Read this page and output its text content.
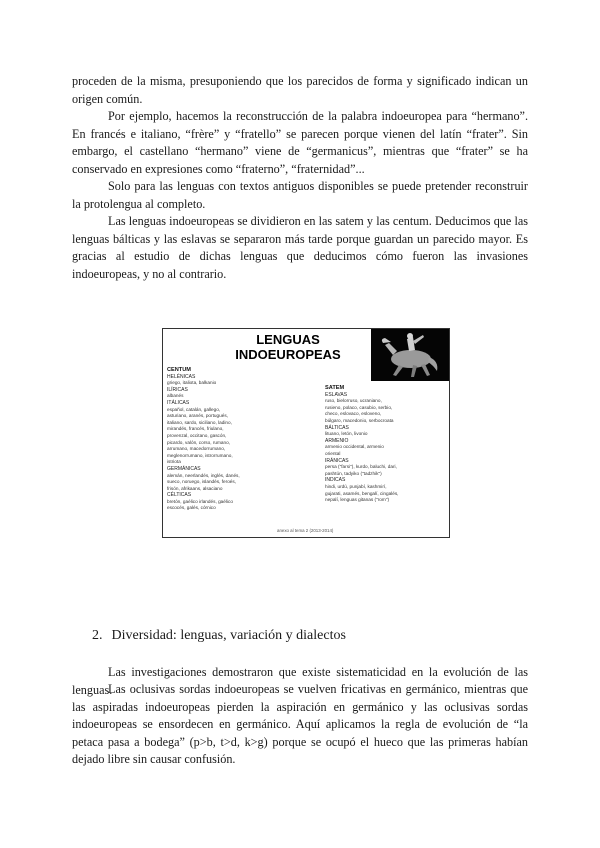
proceden de la misma, presuponiendo que los parecidos de forma y significado indican un origen común.

Por ejemplo, hacemos la reconstrucción de la palabra indoeuropea para “hermano”. En francés e italiano, “frère” y “fratello” se parecen porque vienen del latín “frater”. Sin embargo, el castellano “hermano” viene de “germanicus”, mientras que “frater” se ha conservado en expresiones como “fraterno”, “fraternidad”...

Solo para las lenguas con textos antiguos disponibles se puede pretender reconstruir la protolengua al completo.

Las lenguas indoeuropeas se dividieron en las satem y las centum. Deducimos que las lenguas bálticas y las eslavas se separaron más tarde porque guardan un parecido mayor. Es gracias al estudio de dichas lenguas que deducimos cómo fueron las invasiones indoeuropeas, y no al contrario.

LENGUAS
INDOEUROPEAS
CENTUM
HELÉNICAS
griego, italiota, balkanio
ILÍRICAS
albanés
ITÁLICAS
español, catalán, gallego,
asturiano, aranés, portugués,
italiano, sardo, siciliano, ladino,
mirandés, francés, friulano,
provenzal, occitano, gascón,
picardo, valón, corso, rumano,
arrumano, macedorrumano,
meglenorrumano, istrorrumano,
istriota
GERMÁNICAS
alemán, neerlandés, inglés, danés,
sueco, noruego, islandés, feroés,
frisón, afrikaans, alsaciano
CÉLTICAS
bretón, gaélico irlandés, gaélico
escocés, galés, córnico
SATEM
ESLAVAS
ruso, bielorruso, ucraniano,
rusieno, polaco, casubio, serbio,
checo, eslovaco, esloveno,
búlgaro, macedonio, serbocroata
BÁLTICAS
lituano, letón, livonio
ARMENIO
armenio occidental, armenio
oriental
IRÁNICAS
persa ("farsi"), kurdo, baluchi, dari,
pashtún, tadyiko ("tadzhik")
INDICAS
hindi, urdú, punjabí, kashmirí,
gujarati, asamés, bengalí, cingalés,
nepalí, lenguas gitanas ("rom")
anexo al tema 2 (2013-2014)
2. Diversidad: lenguas, variación y dialectos

Las investigaciones demostraron que existe sistematicidad en la evolución de las lenguas.

Las oclusivas sordas indoeuropeas se vuelven fricativas en germánico, mientras que las aspiradas indoeuropeas pierden la aspiración en germánico y las oclusivas sordas indoeuropeas se ensordecen en germánico. Aquí aplicamos la regla de evolución de “la petaca pasa a bodega” (p>b, t>d, k>g) porque se ocupó el hueco que las primeras habían dejado libre sin causar confusión.
